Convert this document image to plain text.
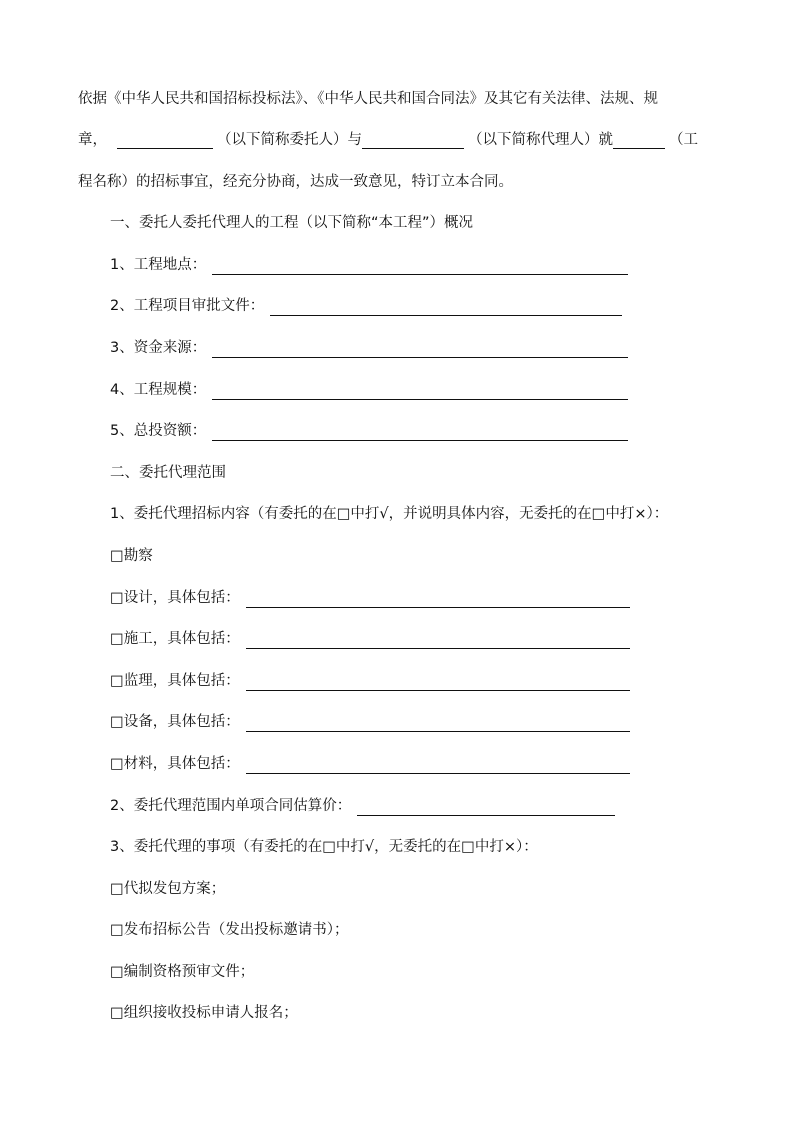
依据《中华人民共和国招标投标法》、《中华人民共和国合同法》及其它有关法律、法规、规
章，	（以下简称委托人）与	（以下简称代理人）就	（工
程名称）的招标事宜，经充分协商，达成一致意见，特订立本合同。
一、委托人委托代理人的工程（以下简称“本工程”）概况
1、工程地点：
2、工程项目审批文件：
3、资金来源：
4、工程规模：
5、总投资额：
二、委托代理范围
1、委托代理招标内容（有委托的在□中打√，并说明具体内容，无委托的在□中打×）：
□勘察
□设计，具体包括：
□施工，具体包括：
□监理，具体包括：
□设备，具体包括：
□材料，具体包括：
2、委托代理范围内单项合同估算价：
3、委托代理的事项（有委托的在□中打√，无委托的在□中打×）：
□代拟发包方案；
□发布招标公告（发出投标邀请书）；
□编制资格预审文件；
□组织接收投标申请人报名；
